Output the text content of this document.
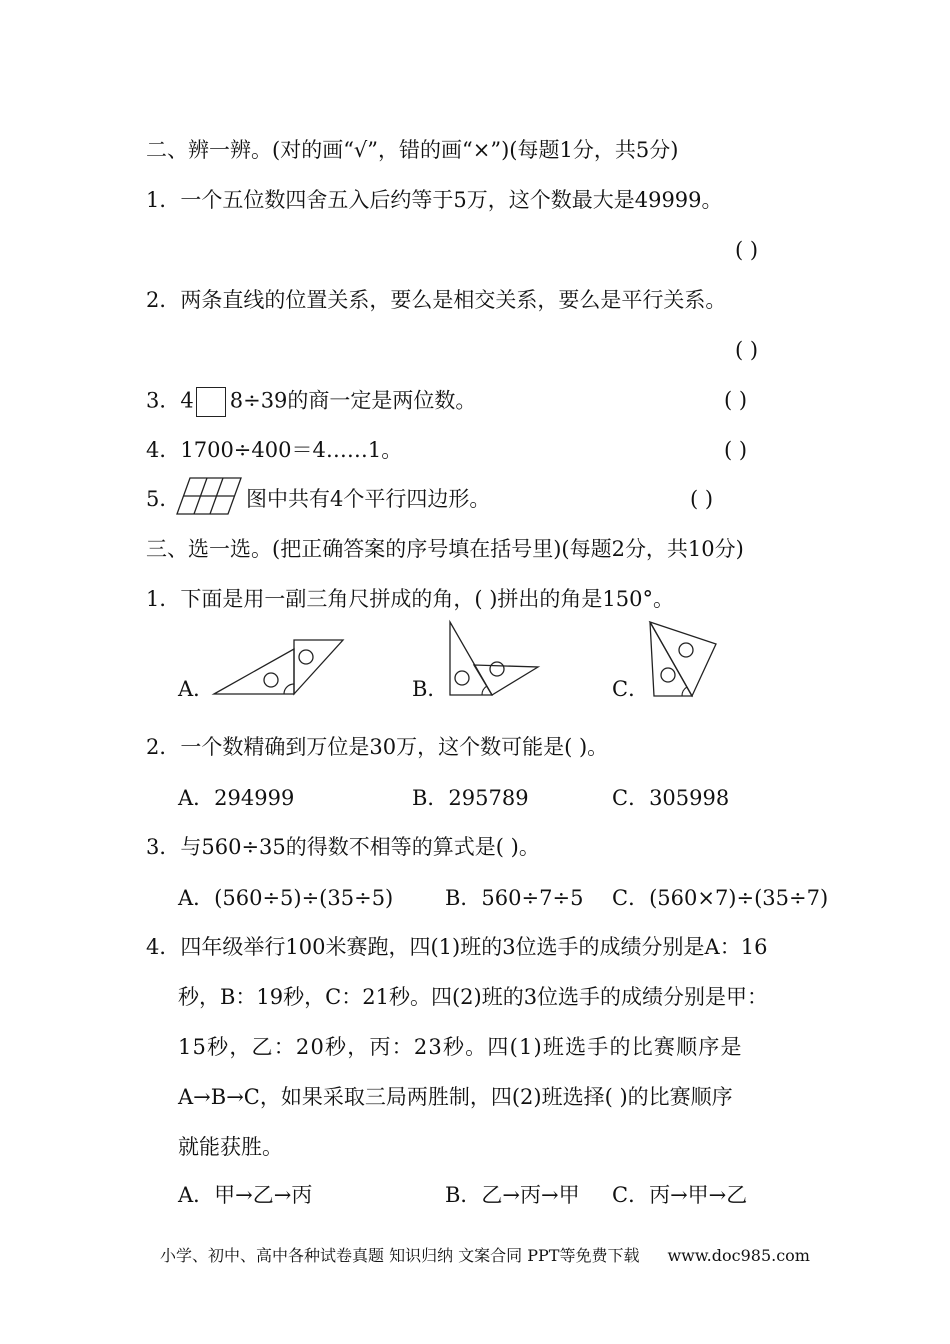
二、辨一辨。(对的画“√”，错的画“×”)(每题1分，共5分)
1．一个五位数四舍五入后约等于5万，这个数最大是49999。
( )
2．两条直线的位置关系，要么是相交关系，要么是平行关系。
( )
3．4 8÷39的商一定是两位数。	( )
4．1700÷400＝4……1。	( )
5．	图中共有4个平行四边形。	( )
三、选一选。(把正确答案的序号填在括号里)(每题2分，共10分)
1．下面是用一副三角尺拼成的角，( )拼出的角是150°。
A．	B．	C．
2．一个数精确到万位是30万，这个数可能是( )。
A．294999	B．295789	C．305998
3．与560÷35的得数不相等的算式是( )。
A．(560÷5)÷(35÷5) B．560÷7÷5 C．(560×7)÷(35÷7)
4．四年级举行100米赛跑，四(1)班的3位选手的成绩分别是A：16
秒，B：19秒，C：21秒。四(2)班的3位选手的成绩分别是甲：
15秒，乙：20秒，丙：23秒。四(1)班选手的比赛顺序是
A→B→C，如果采取三局两胜制，四(2)班选择( )的比赛顺序
就能获胜。
A．甲→乙→丙	B．乙→丙→甲 C．丙→甲→乙
小学、初中、高中各种试卷真题 知识归纳 文案合同 PPT等免费下载 www.doc985.com
